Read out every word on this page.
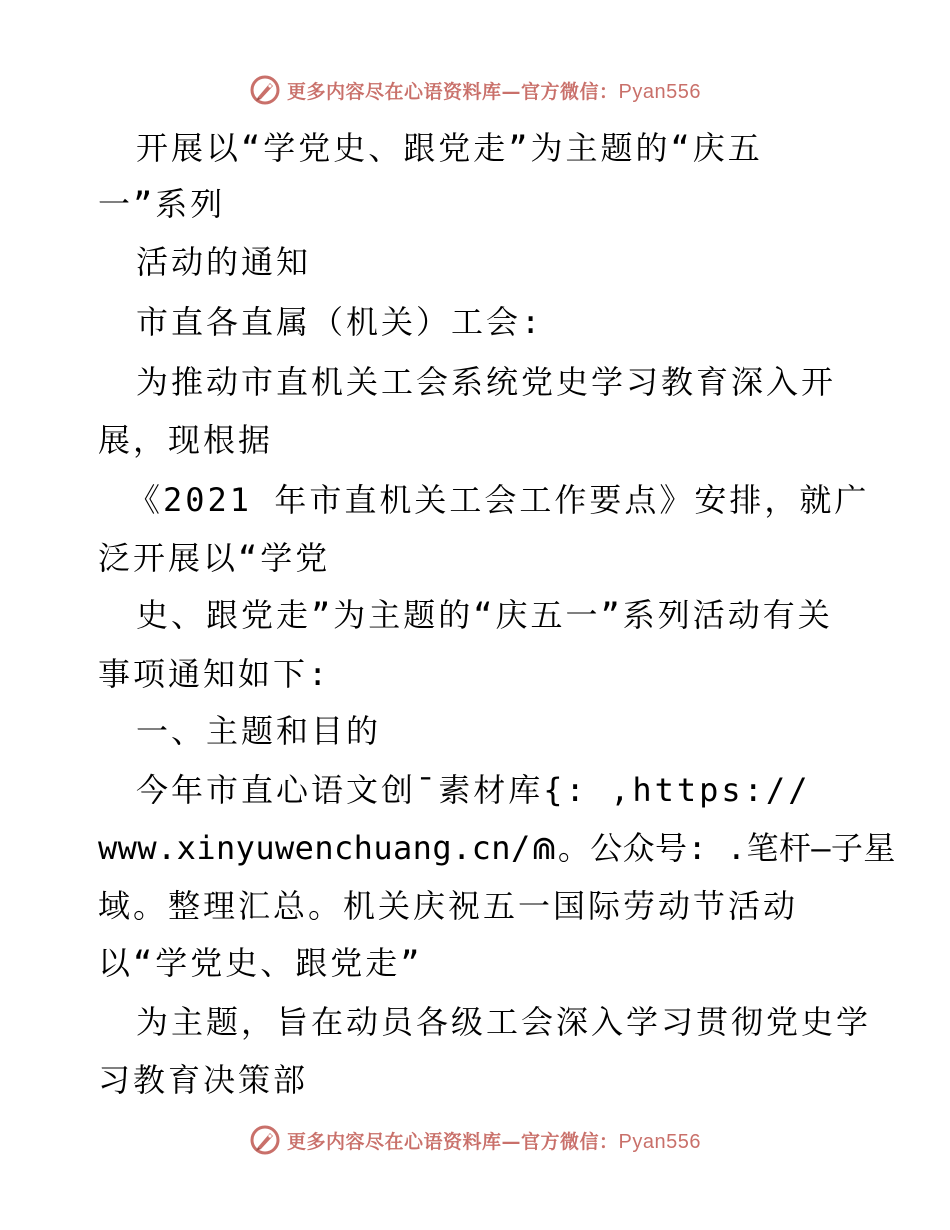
更多内容尽在心语资料库—官方微信：Pyan556
开展以“学党史、跟党走”为主题的“庆五
一”系列
活动的通知
市直各直属（机关）工会:
为推动市直机关工会系统党史学习教育深入开
展，现根据
《2021 年市直机关工会工作要点》安排，就广
泛开展以“学党
史、跟党走”为主题的“庆五一”系列活动有关
事项通知如下:
一、主题和目的
今年市直心语文创¯素材库{: ,https://
www.xinyuwenchuang.cn/⋒。公众号: .笔杆—子星
域。整理汇总。机关庆祝五一国际劳动节活动
以“学党史、跟党走”
为主题，旨在动员各级工会深入学习贯彻党史学
习教育决策部
更多内容尽在心语资料库—官方微信：Pyan556
